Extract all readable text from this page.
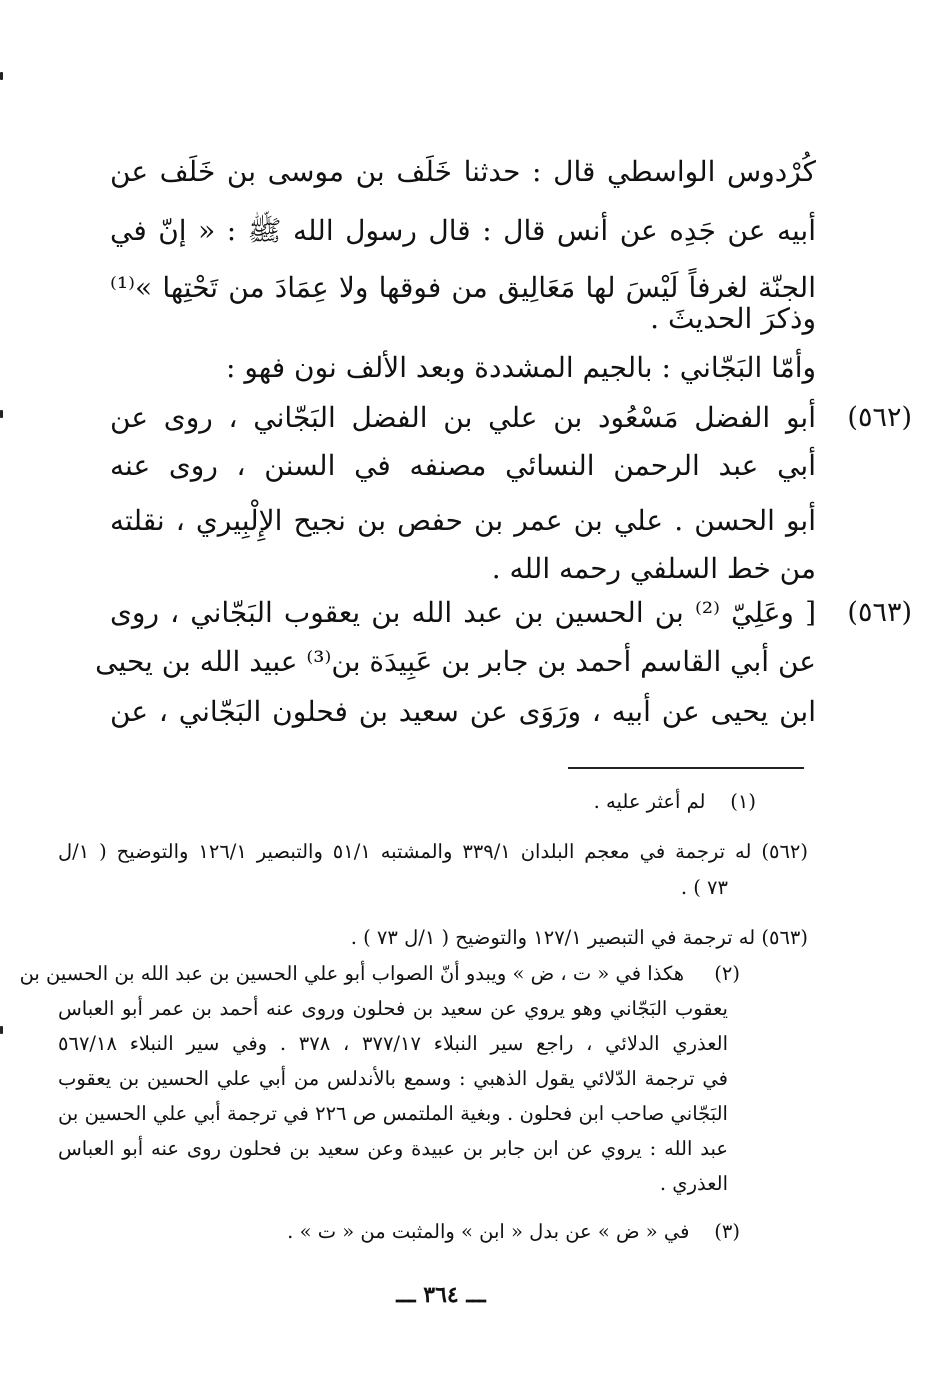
كُرْدوس الواسطي قال : حدثنا خَلَف بن موسى بن خَلَف عن
أبيه عن جَدِه عن أنس قال : قال رسول الله ﷺ : « إنّ في
الجنّة لغرفاً لَيْسَ لها مَعَالِيق من فوقها ولا عِمَادَ من تَحْتِها »⁽¹⁾
وذكرَ الحديثَ .
وأمّا البَجّاني : بالجيم المشددة وبعد الألف نون فهو :
(٥٦٢)
أبو الفضل مَسْعُود بن علي بن الفضل البَجّاني ، روى عن
أبي عبد الرحمن النسائي مصنفه في السنن ، روى عنه
أبو الحسن . علي بن عمر بن حفص بن نجيح الإِلْبِيري ، نقلته
من خط السلفي رحمه الله .
(٥٦٣)
[ وعَلِيّ ⁽²⁾ بن الحسين بن عبد الله بن يعقوب البَجّاني ، روى
عن أبي القاسم أحمد بن جابر بن عَبِيدَة بن⁽³⁾ عبيد الله بن يحيى
ابن يحيى عن أبيه ، ورَوَى عن سعيد بن فحلون البَجّاني ، عن
(١)    لم أعثر عليه .
(٥٦٢) له ترجمة في معجم البلدان ٣٣٩/١ والمشتبه ٥١/١ والتبصير ١٢٦/١ والتوضيح ( ١/ل
٧٣ ) .
(٥٦٣) له ترجمة في التبصير ١٢٧/١ والتوضيح ( ١/ل ٧٣ ) .
(٢)
هكذا في « ت ، ض » ويبدو أنّ الصواب أبو علي الحسين بن عبد الله بن الحسين بن
يعقوب البَجّاني وهو يروي عن سعيد بن فحلون وروى عنه أحمد بن عمر أبو العباس
العذري الدلائي ، راجع سير النبلاء ٣٧٧/١٧ ، ٣٧٨ . وفي سير النبلاء ٥٦٧/١٨
في ترجمة الدّلائي يقول الذهبي : وسمع بالأندلس من أبي علي الحسين بن يعقوب
البَجّاني صاحب ابن فحلون . وبغية الملتمس ص ٢٢٦ في ترجمة أبي علي الحسين بن
عبد الله : يروي عن ابن جابر بن عبيدة وعن سعيد بن فحلون روى عنه أبو العباس
العذري .
(٣)    في « ض » عن بدل « ابن » والمثبت من « ت » .
ـــ ٣٦٤ ـــ
